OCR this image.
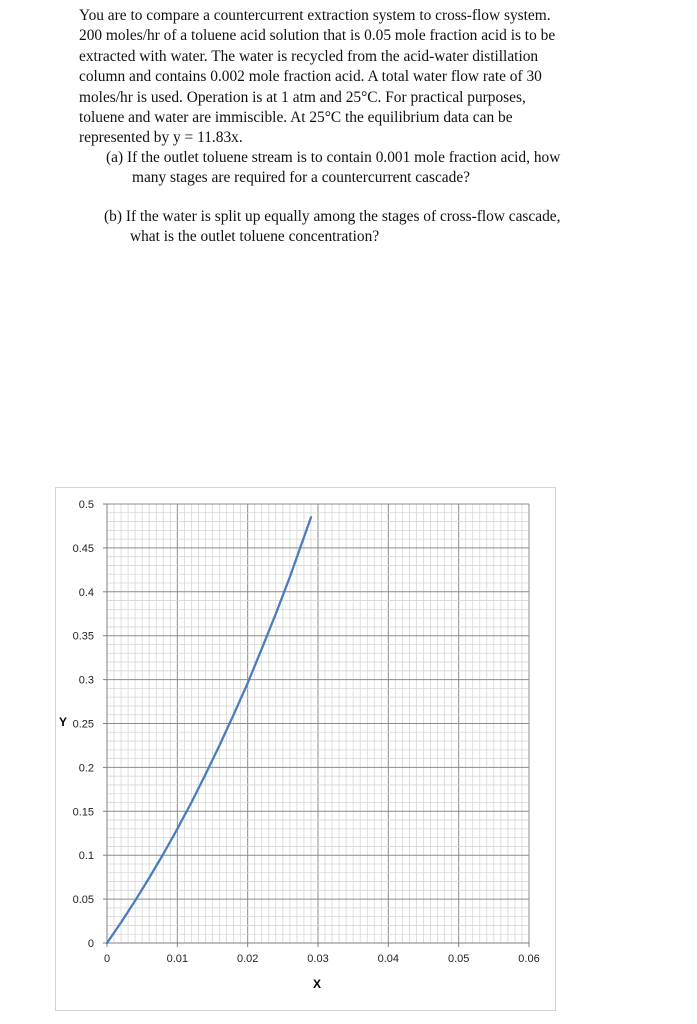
You are to compare a countercurrent extraction system to cross-flow system.

200 moles/hr of a toluene acid solution that is 0.05 mole fraction acid is to be

extracted with water. The water is recycled from the acid-water distillation

column and contains 0.002 mole fraction acid. A total water flow rate of 30

moles/hr is used. Operation is at 1 atm and 25°C. For practical purposes,

toluene and water are immiscible. At 25°C the equilibrium data can be

represented by y = 11.83x.

(a) If the outlet toluene stream is to contain 0.001 mole fraction acid, how
many stages are required for a countercurrent cascade?
(b) If the water is split up equally among the stages of cross-flow cascade,
what is the outlet toluene concentration?
X
Y
0	0.01	0.02	0.03	0.04	0.05	0.06
0
0.05
0.1
0.15
0.2
0.25
0.3
0.35
0.4
0.45
0.5
